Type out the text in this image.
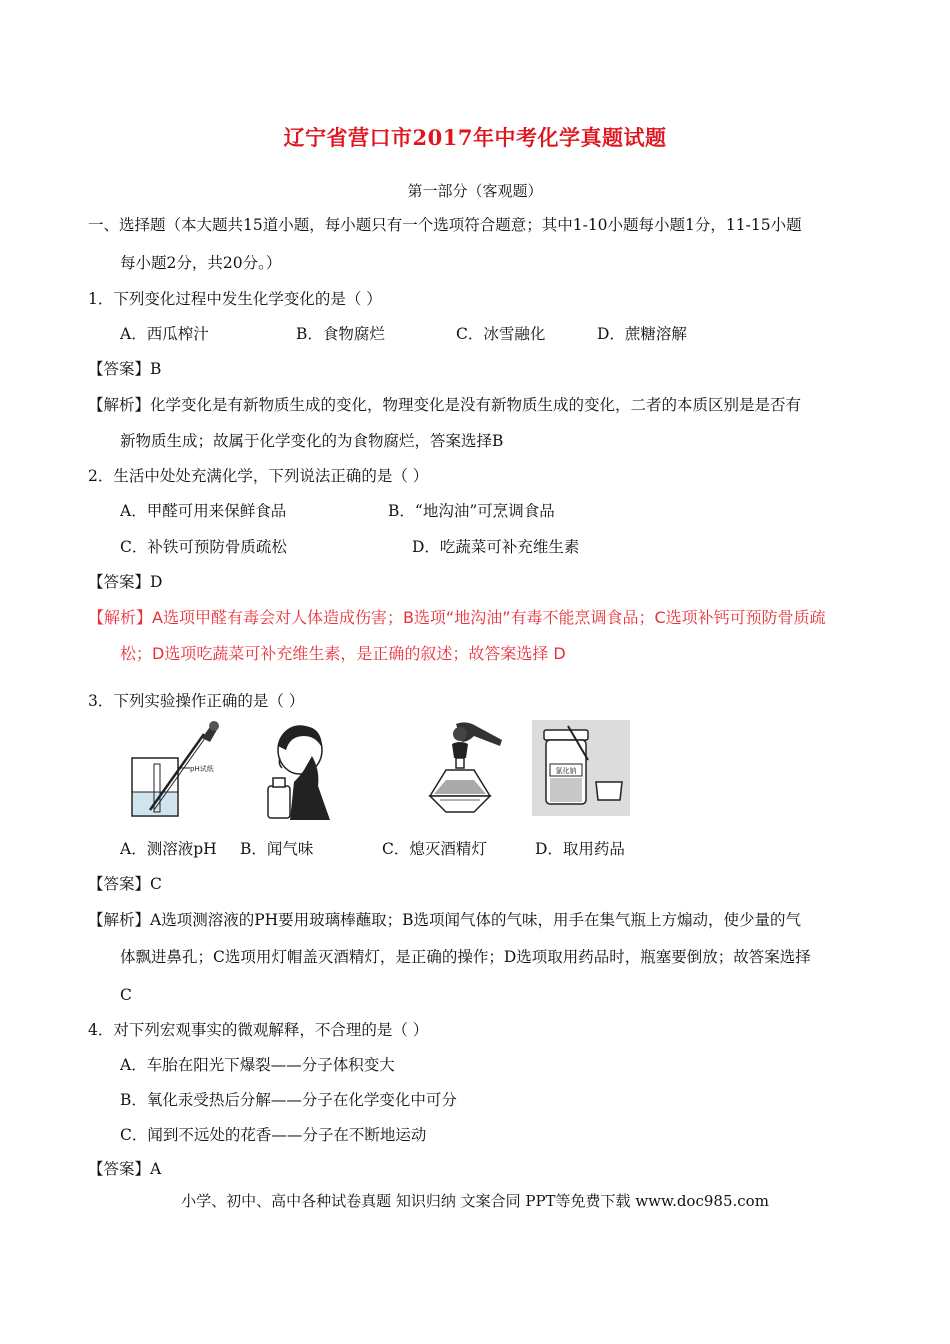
辽宁省营口市2017年中考化学真题试题
第一部分（客观题）
一、选择题（本大题共15道小题，每小题只有一个选项符合题意；其中1-10小题每小题1分，11-15小题
每小题2分，共20分。）
1．下列变化过程中发生化学变化的是（ ）
A．西瓜榨汁	B．食物腐烂	C．冰雪融化	D．蔗糖溶解
【答案】B
【解析】化学变化是有新物质生成的变化，物理变化是没有新物质生成的变化，二者的本质区别是是否有
新物质生成；故属于化学变化的为食物腐烂，答案选择B
2．生活中处处充满化学，下列说法正确的是（ ）
A．甲醛可用来保鲜食品	B．“地沟油”可烹调食品
C．补铁可预防骨质疏松	D．吃蔬菜可补充维生素
【答案】D
【解析】A选项甲醛有毒会对人体造成伤害；B选项“地沟油”有毒不能烹调食品；C选项补钙可预防骨质疏
松；D选项吃蔬菜可补充维生素，是正确的叙述；故答案选择 D
3．下列实验操作正确的是（ ）
pH试纸	氯化钠
A．测溶液pH B．闻气味	C．熄灭酒精灯	D．取用药品
【答案】C
【解析】A选项测溶液的PH要用玻璃棒蘸取；B选项闻气体的气味，用手在集气瓶上方煽动，使少量的气
体飘进鼻孔；C选项用灯帽盖灭酒精灯，是正确的操作；D选项取用药品时，瓶塞要倒放；故答案选择
C
4．对下列宏观事实的微观解释，不合理的是（ ）
A．车胎在阳光下爆裂——分子体积变大
B．氧化汞受热后分解——分子在化学变化中可分
C．闻到不远处的花香——分子在不断地运动
【答案】A
小学、初中、高中各种试卷真题 知识归纳 文案合同 PPT等免费下载 www.doc985.com
